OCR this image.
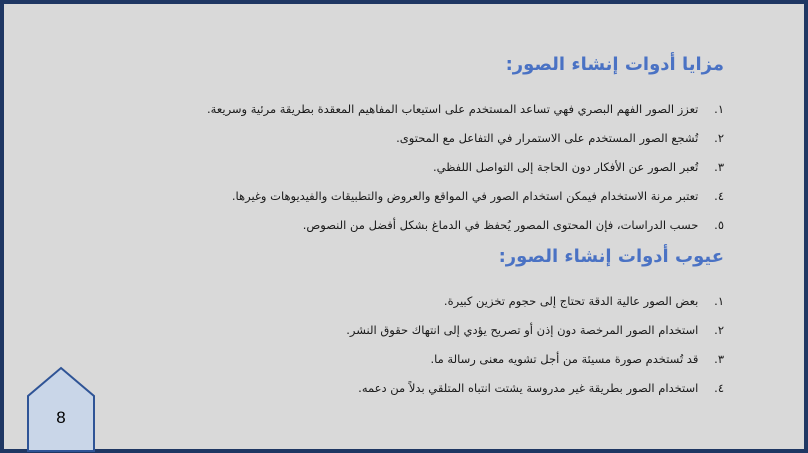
مزايا أدوات إنشاء الصور:
١. تعزز الصور الفهم البصري فهي تساعد المستخدم على استيعاب المفاهيم المعقدة بطريقة مرئية وسريعة.
٢. تُشجع الصور المستخدم على الاستمرار في التفاعل مع المحتوى.
٣. تُعبر الصور عن الأفكار دون الحاجة إلى التواصل اللفظي.
٤. تعتبر مرنة الاستخدام فيمكن استخدام الصور في المواقع والعروض والتطبيقات والفيديوهات وغيرها.
٥. حسب الدراسات، فإن المحتوى المصور يُحفظ في الدماغ بشكل أفضل من النصوص.
عيوب أدوات إنشاء الصور:
١. بعض الصور عالية الدقة تحتاج إلى حجوم تخزين كبيرة.
٢. استخدام الصور المرخصة دون إذن أو تصريح يؤدي إلى انتهاك حقوق النشر.
٣. قد تُستخدم صورة مسيئة من أجل تشويه معنى رسالة ما.
٤. استخدام الصور بطريقة غير مدروسة يشتت انتباه المتلقي بدلاً من دعمه.
8
